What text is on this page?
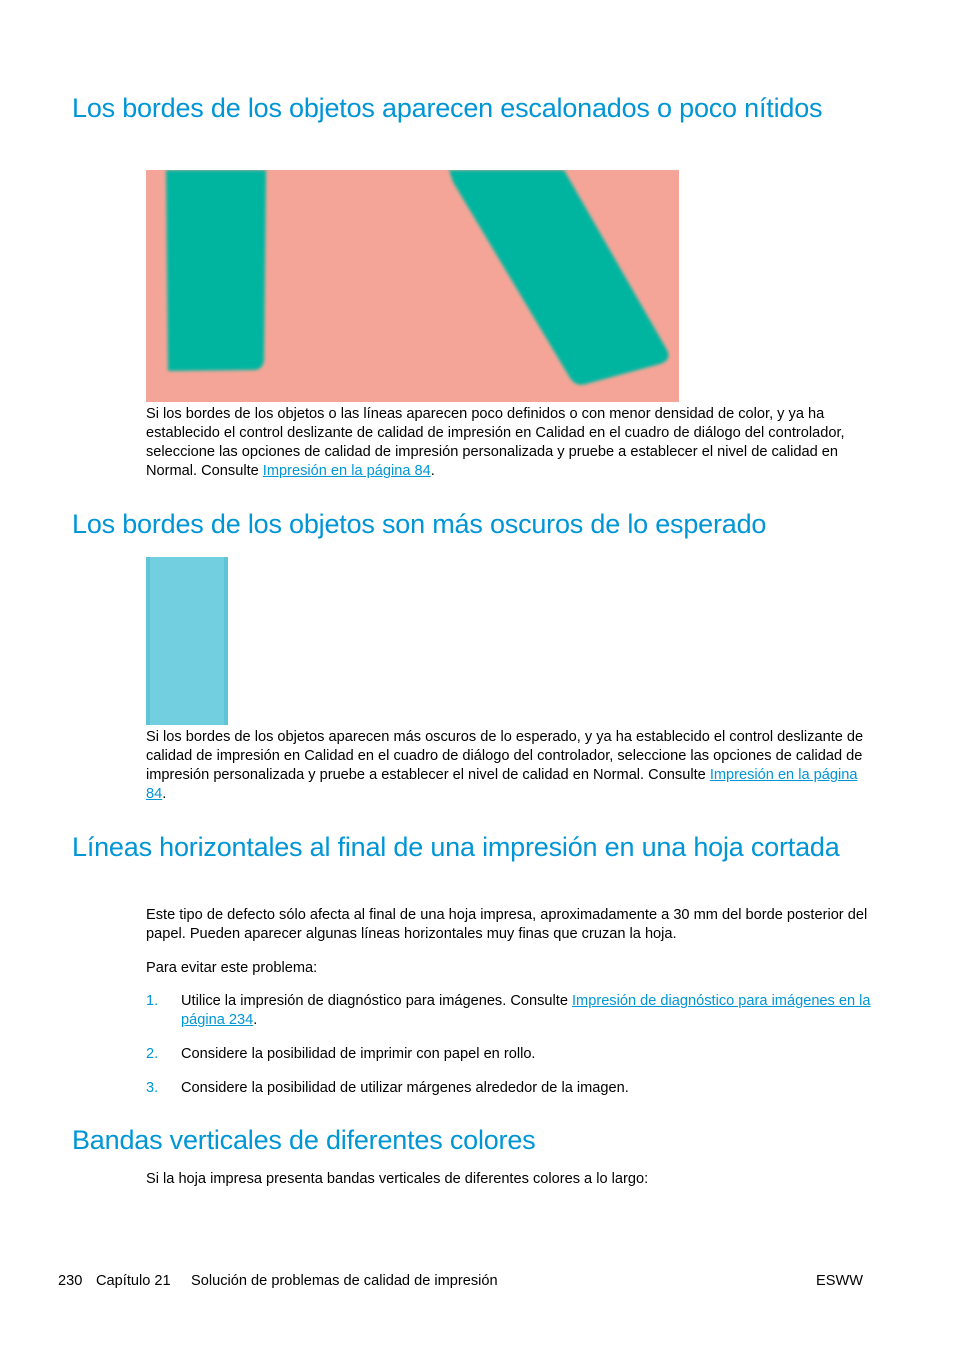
Los bordes de los objetos aparecen escalonados o poco nítidos

Si los bordes de los objetos o las líneas aparecen poco definidos o con menor densidad de color, y ya ha establecido el control deslizante de calidad de impresión en Calidad en el cuadro de diálogo del controlador, seleccione las opciones de calidad de impresión personalizada y pruebe a establecer el nivel de calidad en Normal. Consulte Impresión en la página 84.

Los bordes de los objetos son más oscuros de lo esperado

Si los bordes de los objetos aparecen más oscuros de lo esperado, y ya ha establecido el control deslizante de calidad de impresión en Calidad en el cuadro de diálogo del controlador, seleccione las opciones de calidad de impresión personalizada y pruebe a establecer el nivel de calidad en Normal. Consulte Impresión en la página 84.

Líneas horizontales al final de una impresión en una hoja cortada

Este tipo de defecto sólo afecta al final de una hoja impresa, aproximadamente a 30 mm del borde posterior del papel. Pueden aparecer algunas líneas horizontales muy finas que cruzan la hoja.

Para evitar este problema:

1. Utilice la impresión de diagnóstico para imágenes. Consulte Impresión de diagnóstico para imágenes en la página 234.

2. Considere la posibilidad de imprimir con papel en rollo.

3. Considere la posibilidad de utilizar márgenes alrededor de la imagen.

Bandas verticales de diferentes colores

Si la hoja impresa presenta bandas verticales de diferentes colores a lo largo:

230 Capítulo 21 Solución de problemas de calidad de impresión	ESWW
